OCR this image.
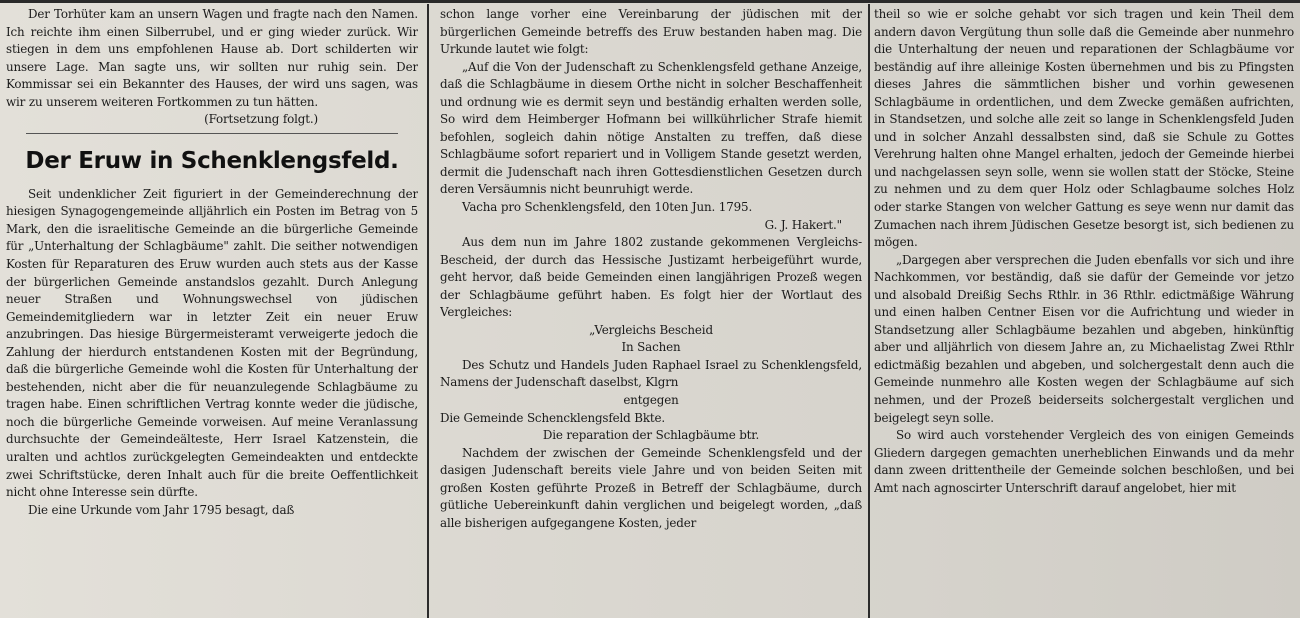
Der Torhüter kam an unsern Wagen und fragte nach den Namen. Ich reichte ihm einen Silberrubel, und er ging wieder zurück. Wir stiegen in dem uns empfohlenen Hause ab. Dort schilderten wir unsere Lage. Man sagte uns, wir sollten nur ruhig sein. Der Kommissar sei ein Bekannter des Hauses, der wird uns sagen, was wir zu unserem weiteren Fortkommen zu tun hätten.

(Fortsetzung folgt.)

Der Eruw in Schenklengsfeld.

Seit undenklicher Zeit figuriert in der Gemeinderechnung der hiesigen Synagogengemeinde alljährlich ein Posten im Betrag von 5 Mark, den die israelitische Gemeinde an die bürgerliche Gemeinde für „Unterhaltung der Schlagbäume" zahlt. Die seither notwendigen Kosten für Reparaturen des Eruw wurden auch stets aus der Kasse der bürgerlichen Gemeinde anstandslos gezahlt. Durch Anlegung neuer Straßen und Wohnungswechsel von jüdischen Gemeindemitgliedern war in letzter Zeit ein neuer Eruw anzubringen. Das hiesige Bürgermeisteramt verweigerte jedoch die Zahlung der hierdurch entstandenen Kosten mit der Begründung, daß die bürgerliche Gemeinde wohl die Kosten für Unterhaltung der bestehenden, nicht aber die für neuanzulegende Schlagbäume zu tragen habe. Einen schriftlichen Vertrag konnte weder die jüdische, noch die bürgerliche Gemeinde vorweisen. Auf meine Veranlassung durchsuchte der Gemeindeälteste, Herr Israel Katzenstein, die uralten und achtlos zurückgelegten Gemeindeakten und entdeckte zwei Schriftstücke, deren Inhalt auch für die breite Oeffentlichkeit nicht ohne Interesse sein dürfte.

Die eine Urkunde vom Jahr 1795 besagt, daß

schon lange vorher eine Vereinbarung der jüdischen mit der bürgerlichen Gemeinde betreffs des Eruw bestanden haben mag. Die Urkunde lautet wie folgt:

„Auf die Von der Judenschaft zu Schenklengsfeld gethane Anzeige, daß die Schlagbäume in diesem Orthe nicht in solcher Beschaffenheit und ordnung wie es dermit seyn und beständig erhalten werden solle, So wird dem Heimberger Hofmann bei willkührlicher Strafe hiemit befohlen, sogleich dahin nötige Anstalten zu treffen, daß diese Schlagbäume sofort repariert und in Volligem Stande gesetzt werden, dermit die Judenschaft nach ihren Gottesdienstlichen Gesetzen durch deren Versäumnis nicht beunruhigt werde.

Vacha pro Schenklengsfeld, den 10ten Jun. 1795.

G. J. Hakert."

Aus dem nun im Jahre 1802 zustande gekommenen Vergleichs-Bescheid, der durch das Hessische Justizamt herbeigeführt wurde, geht hervor, daß beide Gemeinden einen langjährigen Prozeß wegen der Schlagbäume geführt haben. Es folgt hier der Wortlaut des Vergleiches:

„Vergleichs Bescheid

In Sachen

Des Schutz und Handels Juden Raphael Israel zu Schenklengsfeld, Namens der Judenschaft daselbst, Klgrn

entgegen

Die Gemeinde Schencklengsfeld Bkte.

Die reparation der Schlagbäume btr.

Nachdem der zwischen der Gemeinde Schenklengsfeld und der dasigen Judenschaft bereits viele Jahre und von beiden Seiten mit großen Kosten geführte Prozeß in Betreff der Schlagbäume, durch gütliche Uebereinkunft dahin verglichen und beigelegt worden, „daß alle bisherigen aufgegangene Kosten, jeder

theil so wie er solche gehabt vor sich tragen und kein Theil dem andern davon Vergütung thun solle daß die Gemeinde aber nunmehro die Unterhaltung der neuen und reparationen der Schlagbäume vor beständig auf ihre alleinige Kosten übernehmen und bis zu Pfingsten dieses Jahres die sämmtlichen bisher und vorhin gewesenen Schlagbäume in ordentlichen, und dem Zwecke gemäßen aufrichten, in Standsetzen, und solche alle zeit so lange in Schenklengsfeld Juden und in solcher Anzahl dessalbsten sind, daß sie Schule zu Gottes Verehrung halten ohne Mangel erhalten, jedoch der Gemeinde hierbei und nachgelassen seyn solle, wenn sie wollen statt der Stöcke, Steine zu nehmen und zu dem quer Holz oder Schlagbaume solches Holz oder starke Stangen von welcher Gattung es seye wenn nur damit das Zumachen nach ihrem Jüdischen Gesetze besorgt ist, sich bedienen zu mögen.

„Dargegen aber versprechen die Juden ebenfalls vor sich und ihre Nachkommen, vor beständig, daß sie dafür der Gemeinde vor jetzo und alsobald Dreißig Sechs Rthlr. in 36 Rthlr. edictmäßige Währung und einen halben Centner Eisen vor die Aufrichtung und wieder in Standsetzung aller Schlagbäume bezahlen und abgeben, hinkünftig aber und alljährlich von diesem Jahre an, zu Michaelistag Zwei Rthlr edictmäßig bezahlen und abgeben, und solchergestalt denn auch die Gemeinde nunmehro alle Kosten wegen der Schlagbäume auf sich nehmen, und der Prozeß beiderseits solchergestalt verglichen und beigelegt seyn solle.

So wird auch vorstehender Vergleich des von einigen Gemeinds Gliedern dargegen gemachten unerheblichen Einwands und da mehr dann zween drittentheile der Gemeinde solchen beschloßen, und bei Amt nach agnoscirter Unterschrift darauf angelobet, hier mit
